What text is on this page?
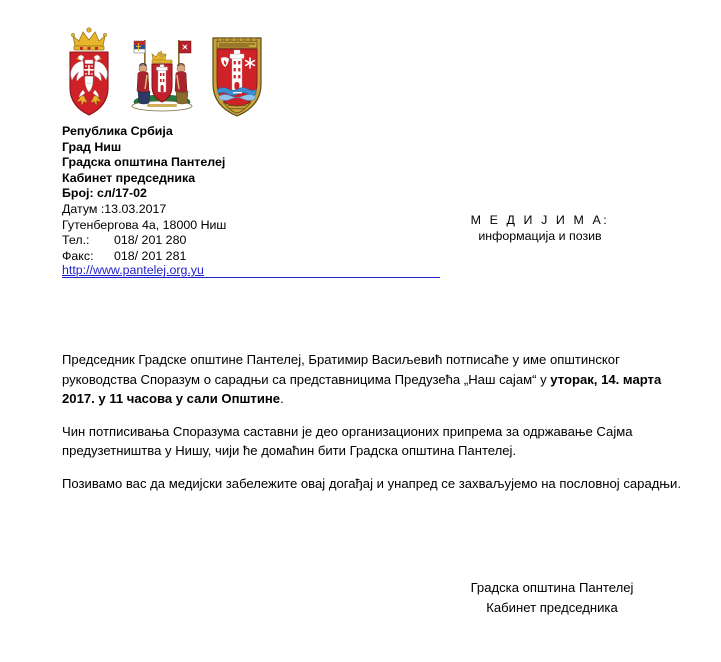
Република Србија
Град Ниш
Градска општина Пантелеј
Кабинет председника
Број: сл/17-02
Датум :13.03.2017
Гутенбергова 4а, 18000 Ниш
Тел.: 018/ 201 280
Факс: 018/ 201 281
http://www.pantelej.org.yu
М Е Д И Ј И М А:
информација и позив

Председник Градске општине Пантелеј, Братимир Васиљевић потписаће у име општинског руководства Споразум о сарадњи са представницима Предузећа „Наш сајам“ у уторак, 14. марта 2017. у 11 часова у сали Општине.

Чин потписивања Споразума саставни је део организационих припрема за одржавање Сајма предузетништва у Нишу, чији ће домаћин бити Градска општина Пантелеј.

Позивамо вас да медијски забележите овај догађај и унапред се захваљујемо на пословној сарадњи.

Градска општина Пантелеј
Кабинет председника
